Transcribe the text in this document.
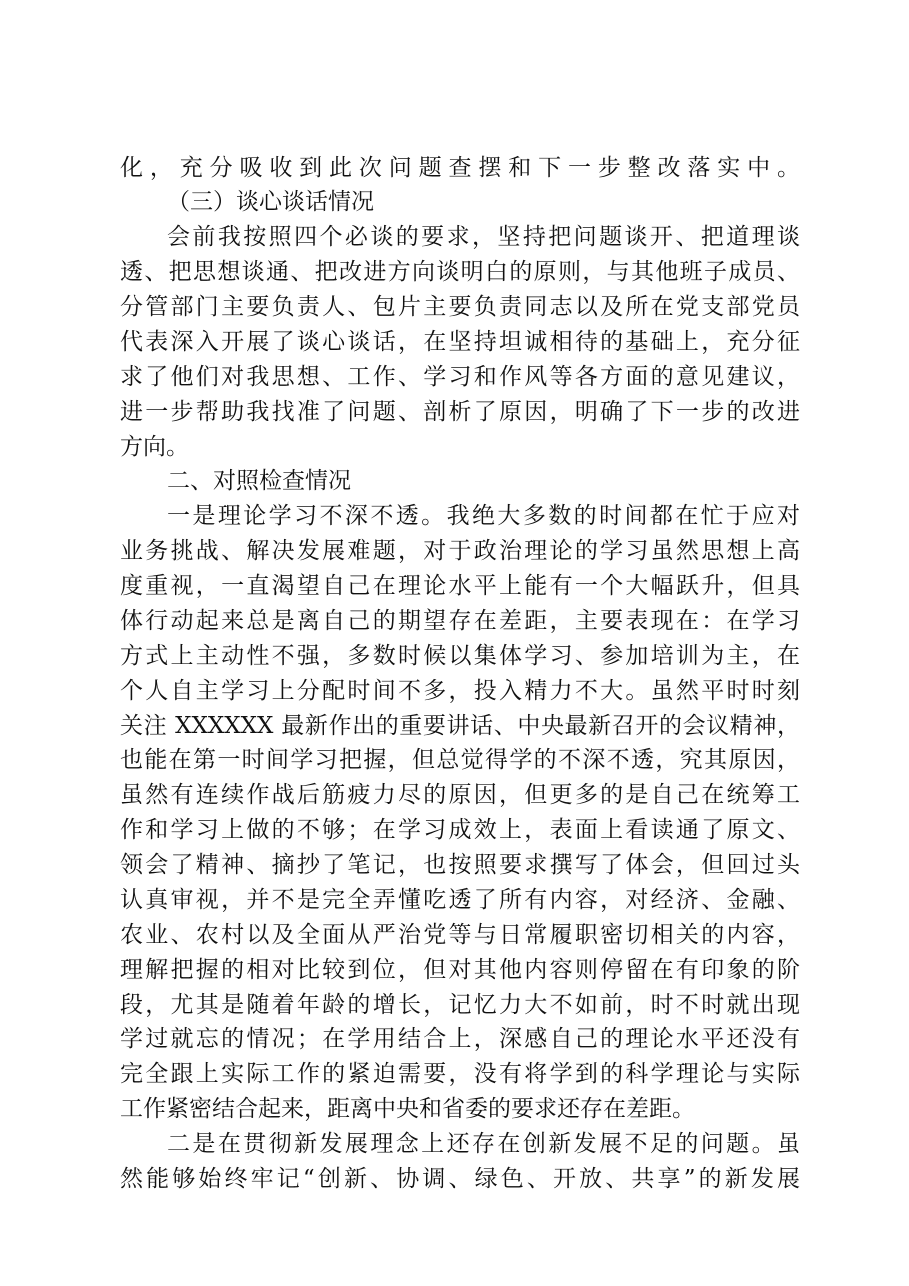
化，充分吸收到此次问题查摆和下一步整改落实中。
（三）谈心谈话情况
会前我按照四个必谈的要求，坚持把问题谈开、把道理谈
透、把思想谈通、把改进方向谈明白的原则，与其他班子成员、
分管部门主要负责人、包片主要负责同志以及所在党支部党员
代表深入开展了谈心谈话，在坚持坦诚相待的基础上，充分征
求了他们对我思想、工作、学习和作风等各方面的意见建议，
进一步帮助我找准了问题、剖析了原因，明确了下一步的改进
方向。
二、对照检查情况
一是理论学习不深不透。我绝大多数的时间都在忙于应对
业务挑战、解决发展难题，对于政治理论的学习虽然思想上高
度重视，一直渴望自己在理论水平上能有一个大幅跃升，但具
体行动起来总是离自己的期望存在差距，主要表现在：在学习
方式上主动性不强，多数时候以集体学习、参加培训为主，在
个人自主学习上分配时间不多，投入精力不大。虽然平时时刻
关注 XXXXXX 最新作出的重要讲话、中央最新召开的会议精神，
也能在第一时间学习把握，但总觉得学的不深不透，究其原因，
虽然有连续作战后筋疲力尽的原因，但更多的是自己在统筹工
作和学习上做的不够；在学习成效上，表面上看读通了原文、
领会了精神、摘抄了笔记，也按照要求撰写了体会，但回过头
认真审视，并不是完全弄懂吃透了所有内容，对经济、金融、
农业、农村以及全面从严治党等与日常履职密切相关的内容，
理解把握的相对比较到位，但对其他内容则停留在有印象的阶
段，尤其是随着年龄的增长，记忆力大不如前，时不时就出现
学过就忘的情况；在学用结合上，深感自己的理论水平还没有
完全跟上实际工作的紧迫需要，没有将学到的科学理论与实际
工作紧密结合起来，距离中央和省委的要求还存在差距。
二是在贯彻新发展理念上还存在创新发展不足的问题。虽
然能够始终牢记“创新、协调、绿色、开放、共享”的新发展
